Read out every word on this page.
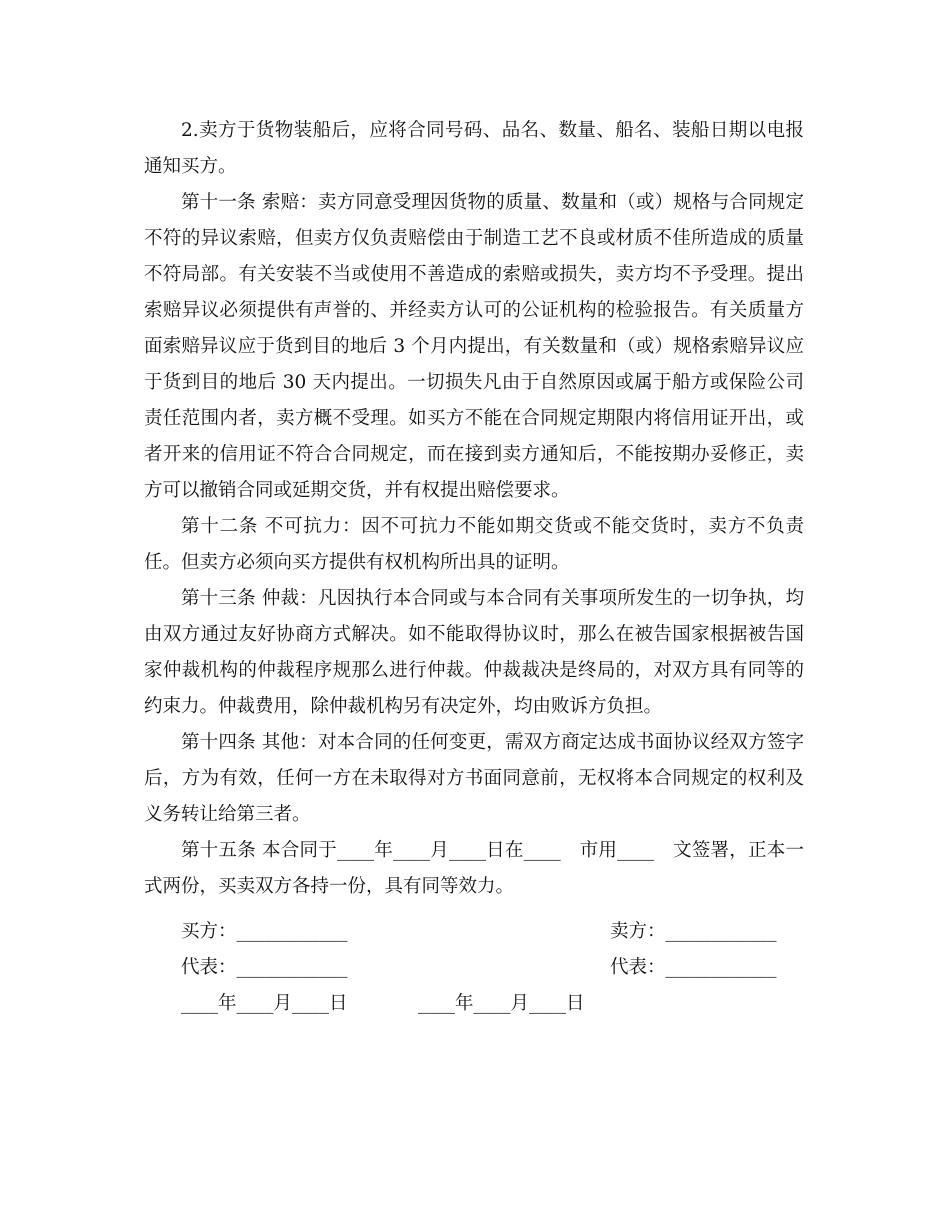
2.卖方于货物装船后，应将合同号码、品名、数量、船名、装船日期以电报通知买方。

第十一条 索赔：卖方同意受理因货物的质量、数量和（或）规格与合同规定不符的异议索赔，但卖方仅负责赔偿由于制造工艺不良或材质不佳所造成的质量不符局部。有关安装不当或使用不善造成的索赔或损失，卖方均不予受理。提出索赔异议必须提供有声誉的、并经卖方认可的公证机构的检验报告。有关质量方面索赔异议应于货到目的地后 3 个月内提出，有关数量和（或）规格索赔异议应于货到目的地后 30 天内提出。一切损失凡由于自然原因或属于船方或保险公司责任范围内者，卖方概不受理。如买方不能在合同规定期限内将信用证开出，或者开来的信用证不符合合同规定，而在接到卖方通知后，不能按期办妥修正，卖方可以撤销合同或延期交货，并有权提出赔偿要求。

第十二条 不可抗力：因不可抗力不能如期交货或不能交货时，卖方不负责任。但卖方必须向买方提供有权机构所出具的证明。

第十三条 仲裁：凡因执行本合同或与本合同有关事项所发生的一切争执，均由双方通过友好协商方式解决。如不能取得协议时，那么在被告国家根据被告国家仲裁机构的仲裁程序规那么进行仲裁。仲裁裁决是终局的，对双方具有同等的约束力。仲裁费用，除仲裁机构另有决定外，均由败诉方负担。

第十四条 其他：对本合同的任何变更，需双方商定达成书面协议经双方签字后，方为有效，任何一方在未取得对方书面同意前，无权将本合同规定的权利及义务转让给第三者。

第十五条 本合同于____年____月____日在____　市用____　文签署，正本一式两份，买卖双方各持一份，具有同等效力。

买方：____________	卖方：____________
代表：____________	代表：____________
____年____月____日	____年____月____日
